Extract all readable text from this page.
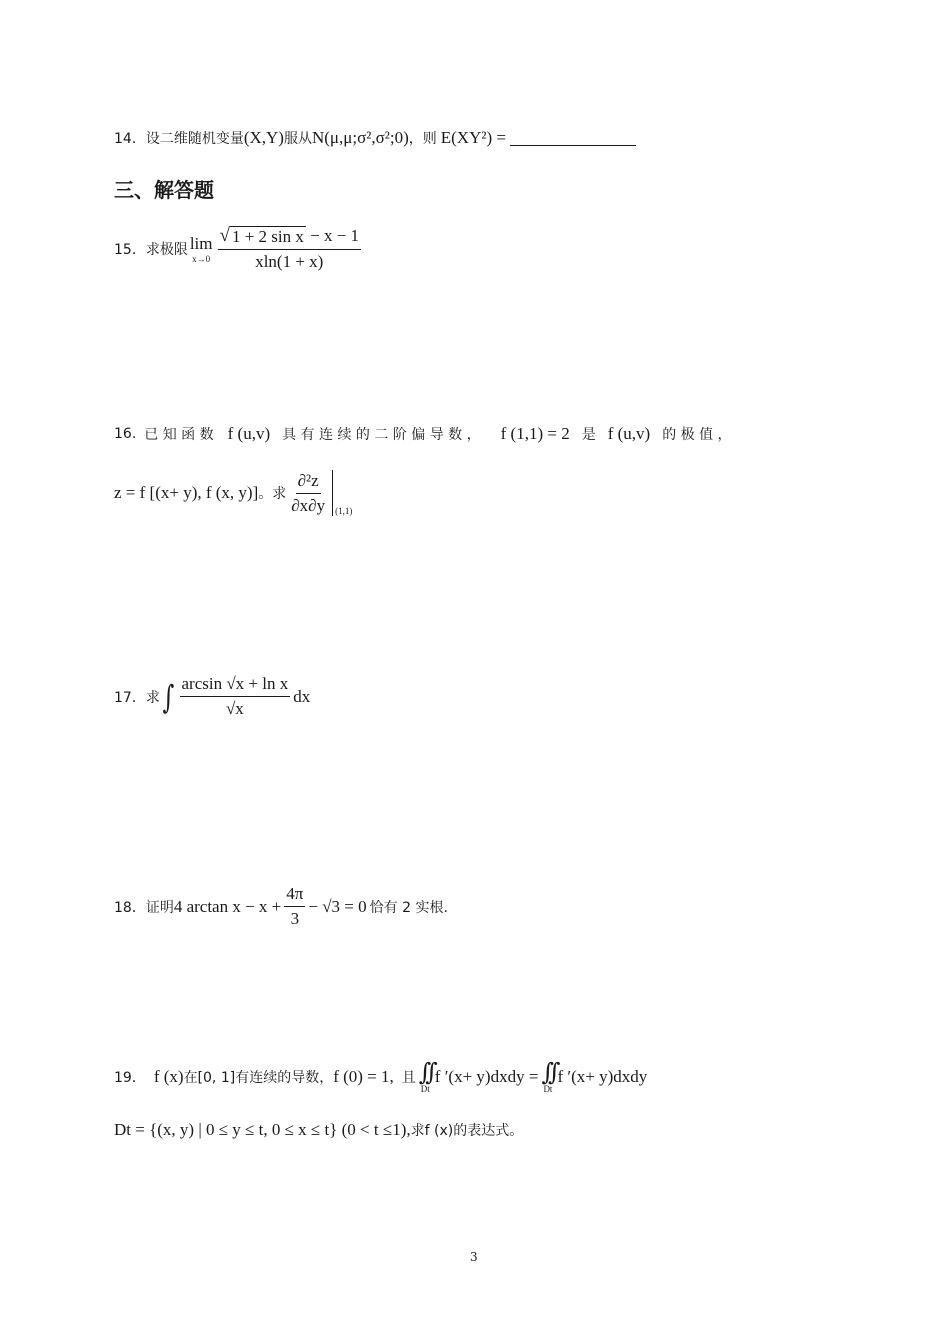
14． 设二维随机变量 (X,Y) 服从 N(μ,μ;σ²,σ²;0) ，则 E(XY²) =
三、解答题
15． 求极限 lim
$x\to 0 \frac{\text{√ 1 + 2 sin x − x − 1}}{xln(1 + x)}$
16. 已 知 函 数 f (u,v) 具 有 连 续 的 二 阶 偏 导 数 ， f (1,1) = 2 是 f (u,v) 的 极 值 ，
z = f [(x+ y), f (x, y)] 。求 $\frac{\text{∂²z}}{\partial x\partial y} (1,1)$
17． 求 ∫ $\frac{\text{arcsin √x + ln x}}{√x}$ dx
18． 证明 4 $\arctan x - x + \frac{4\pi}{3} - √3 = 0$ 恰有 2 实根.
19． f (x) 在[0, 1]有连续的导数， f (0) = 1, 且 ∫∫
Dt
f ′(x+ y)dxdy = ∫∫
Dt
f ′(x+ y)dxdy
Dt = {(x, y) | 0 ≤ y ≤ t, 0 ≤ x ≤ t} (0 < t ≤1), 求f (x)的表达式。
3
